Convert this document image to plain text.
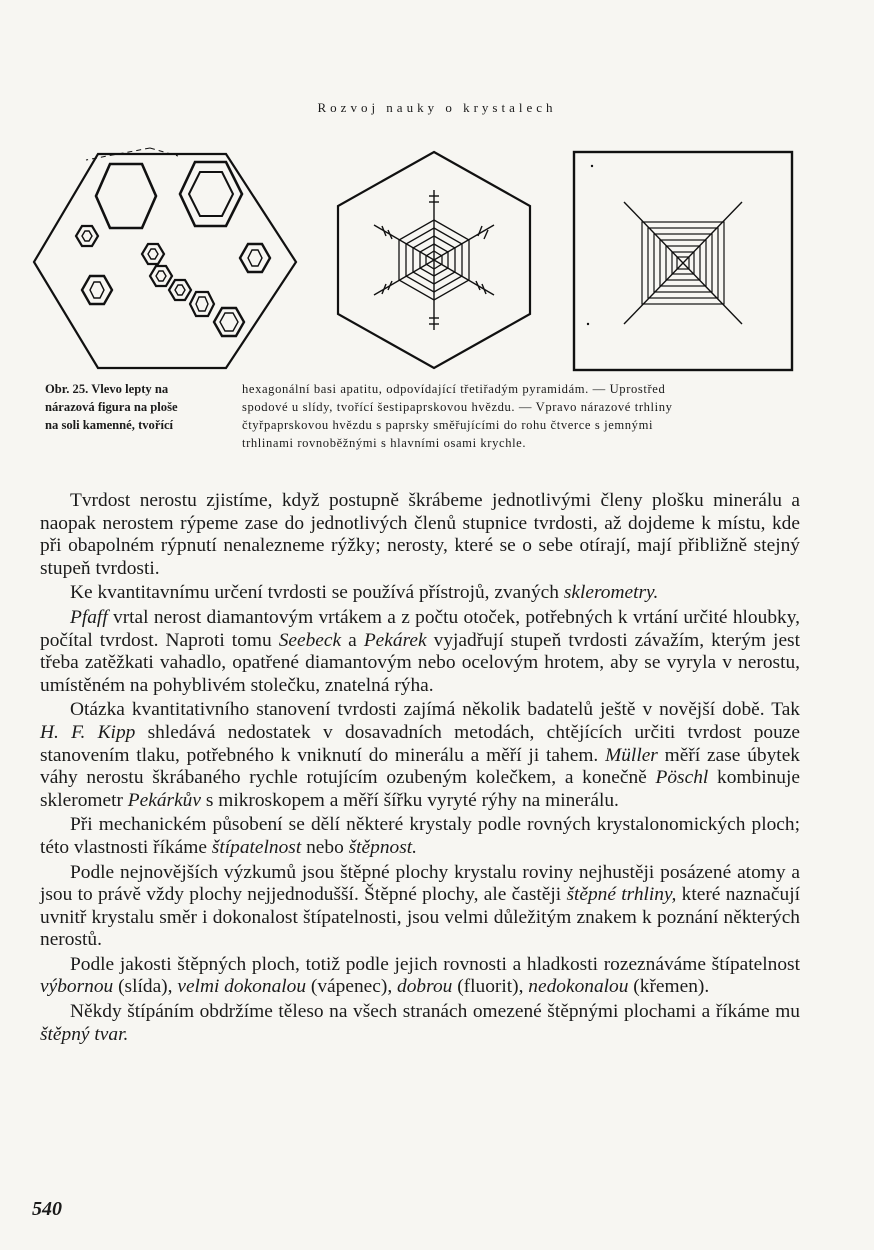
Rozvoj nauky o krystalech

Obr. 25. Vlevo lepty na

nárazová figura na ploše

na soli kamenné, tvořící

hexagonální basi apatitu, odpovídající třetiřadým pyramidám. — Uprostřed

spodové u slídy, tvořící šestipaprskovou hvězdu. — Vpravo nárazové trhliny

čtyřpaprskovou hvězdu s paprsky směřujícími do rohu čtverce s jemnými

trhlinami rovnoběžnými s hlavními osami krychle.

Tvrdost nerostu zjistíme, když postupně škrábeme jednotlivými členy plošku minerálu a naopak nerostem rýpeme zase do jednotlivých členů stupnice tvrdosti, až dojdeme k místu, kde při obapolném rýpnutí nenalezneme rýžky; nerosty, které se o sebe otírají, mají přibližně stejný stupeň tvrdosti.

Ke kvantitavnímu určení tvrdosti se používá přístrojů, zvaných sklerometry.

Pfaff vrtal nerost diamantovým vrtákem a z počtu otoček, potřebných k vrtání určité hloubky, počítal tvrdost. Naproti tomu Seebeck a Pekárek vyjadřují stupeň tvrdosti závažím, kterým jest třeba zatěžkati vahadlo, opatřené diamantovým nebo ocelovým hrotem, aby se vyryla v nerostu, umístěném na pohyblivém stolečku, znatelná rýha.

Otázka kvantitativního stanovení tvrdosti zajímá několik badatelů ještě v novější době. Tak H. F. Kipp shledává nedostatek v dosavadních metodách, chtějících určiti tvrdost pouze stanovením tlaku, potřebného k vniknutí do minerálu a měří ji tahem. Müller měří zase úbytek váhy nerostu škrábaného rychle rotujícím ozubeným kolečkem, a konečně Pöschl kombinuje sklerometr Pekárkův s mikroskopem a měří šířku vyryté rýhy na minerálu.

Při mechanickém působení se dělí některé krystaly podle rovných krystalonomických ploch; této vlastnosti říkáme štípatelnost nebo štěpnost.

Podle nejnovějších výzkumů jsou štěpné plochy krystalu roviny nejhustěji posázené atomy a jsou to právě vždy plochy nejjednodušší. Štěpné plochy, ale častěji štěpné trhliny, které naznačují uvnitř krystalu směr i dokonalost štípatelnosti, jsou velmi důležitým znakem k poznání některých nerostů.

Podle jakosti štěpných ploch, totiž podle jejich rovnosti a hladkosti rozeznáváme štípatelnost výbornou (slída), velmi dokonalou (vápenec), dobrou (fluorit), nedokonalou (křemen).

Někdy štípáním obdržíme těleso na všech stranách omezené štěpnými plochami a říkáme mu štěpný tvar.

540
